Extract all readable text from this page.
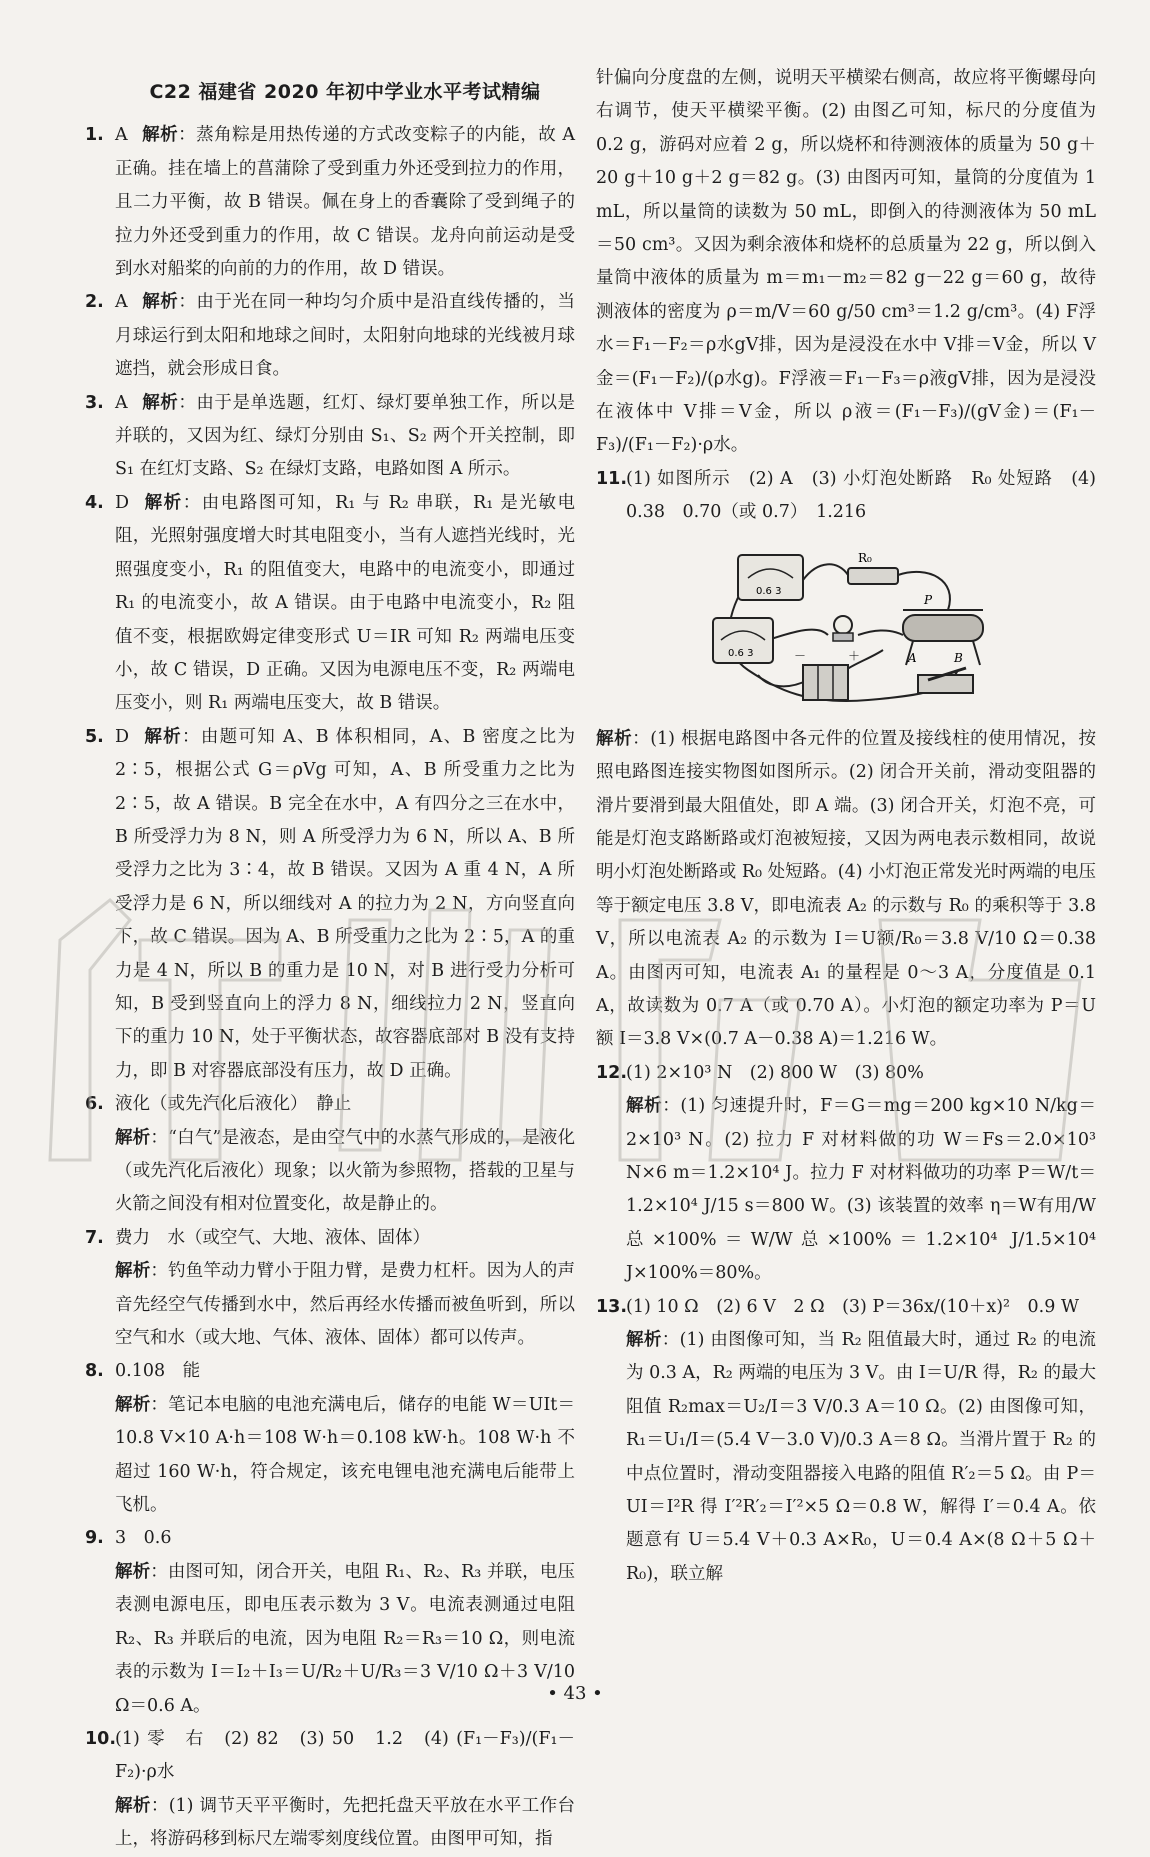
C22 福建省 2020 年初中学业水平考试精编
1. A 解析：蒸角粽是用热传递的方式改变粽子的内能，故 A 正确。挂在墙上的菖蒲除了受到重力外还受到拉力的作用，且二力平衡，故 B 错误。佩在身上的香囊除了受到绳子的拉力外还受到重力的作用，故 C 错误。龙舟向前运动是受到水对船桨的向前的力的作用，故 D 错误。

2. A 解析：由于光在同一种均匀介质中是沿直线传播的，当月球运行到太阳和地球之间时，太阳射向地球的光线被月球遮挡，就会形成日食。

3. A 解析：由于是单选题，红灯、绿灯要单独工作，所以是并联的，又因为红、绿灯分别由 S₁、S₂ 两个开关控制，即 S₁ 在红灯支路、S₂ 在绿灯支路，电路如图 A 所示。

4. D 解析：由电路图可知，R₁ 与 R₂ 串联，R₁ 是光敏电阻，光照射强度增大时其电阻变小，当有人遮挡光线时，光照强度变小，R₁ 的阻值变大，电路中的电流变小，即通过 R₁ 的电流变小，故 A 错误。由于电路中电流变小，R₂ 阻值不变，根据欧姆定律变形式 U＝IR 可知 R₂ 两端电压变小，故 C 错误，D 正确。又因为电源电压不变，R₂ 两端电压变小，则 R₁ 两端电压变大，故 B 错误。

5. D 解析：由题可知 A、B 体积相同，A、B 密度之比为 2∶5，根据公式 G＝ρVg 可知，A、B 所受重力之比为 2∶5，故 A 错误。B 完全在水中，A 有四分之三在水中，B 所受浮力为 8 N，则 A 所受浮力为 6 N，所以 A、B 所受浮力之比为 3∶4，故 B 错误。又因为 A 重 4 N，A 所受浮力是 6 N，所以细线对 A 的拉力为 2 N，方向竖直向下，故 C 错误。因为 A、B 所受重力之比为 2∶5，A 的重力是 4 N，所以 B 的重力是 10 N，对 B 进行受力分析可知，B 受到竖直向上的浮力 8 N，细线拉力 2 N，竖直向下的重力 10 N，处于平衡状态，故容器底部对 B 没有支持力，即 B 对容器底部没有压力，故 D 正确。

6. 液化（或先汽化后液化）　静止

解析：“白气”是液态，是由空气中的水蒸气形成的，是液化（或先汽化后液化）现象；以火箭为参照物，搭载的卫星与火箭之间没有相对位置变化，故是静止的。

7. 费力　水（或空气、大地、液体、固体）

解析：钓鱼竿动力臂小于阻力臂，是费力杠杆。因为人的声音先经空气传播到水中，然后再经水传播而被鱼听到，所以空气和水（或大地、气体、液体、固体）都可以传声。

8. 0.108　能

解析：笔记本电脑的电池充满电后，储存的电能 W＝UIt＝10.8 V×10 A·h＝108 W·h＝0.108 kW·h。108 W·h 不超过 160 W·h，符合规定，该充电锂电池充满电后能带上飞机。

9. 3　0.6

解析：由图可知，闭合开关，电阻 R₁、R₂、R₃ 并联，电压表测电源电压，即电压表示数为 3 V。电流表测通过电阻 R₂、R₃ 并联后的电流，因为电阻 R₂＝R₃＝10 Ω，则电流表的示数为 I＝I₂＋I₃＝U/R₂＋U/R₃＝3 V/10 Ω＋3 V/10 Ω＝0.6 A。

10.

(1) 零　右　(2) 82　(3) 50　1.2　(4) (F₁－F₃)/(F₁－F₂)·ρ水

解析：(1) 调节天平平衡时，先把托盘天平放在水平工作台上，将游码移到标尺左端零刻度线位置。由图甲可知，指

针偏向分度盘的左侧，说明天平横梁右侧高，故应将平衡螺母向右调节，使天平横梁平衡。(2) 由图乙可知，标尺的分度值为 0.2 g，游码对应着 2 g，所以烧杯和待测液体的质量为 50 g＋20 g＋10 g＋2 g＝82 g。(3) 由图丙可知，量筒的分度值为 1 mL，所以量筒的读数为 50 mL，即倒入的待测液体为 50 mL＝50 cm³。又因为剩余液体和烧杯的总质量为 22 g，所以倒入量筒中液体的质量为 m＝m₁－m₂＝82 g－22 g＝60 g，故待测液体的密度为 ρ＝m/V＝60 g/50 cm³＝1.2 g/cm³。(4) F浮水＝F₁－F₂＝ρ水gV排，因为是浸没在水中 V排＝V金，所以 V金＝(F₁－F₂)/(ρ水g)。F浮液＝F₁－F₃＝ρ液gV排，因为是浸没在液体中 V排＝V金，所以 ρ液＝(F₁－F₃)/(gV金)＝(F₁－F₃)/(F₁－F₂)·ρ水。

11.

(1) 如图所示　(2) A　(3) 小灯泡处断路　R₀ 处短路　(4) 0.38　0.70（或 0.7）　1.216

0.6 3
R₀
0.6 3
P
A	B
－	＋

解析：(1) 根据电路图中各元件的位置及接线柱的使用情况，按照电路图连接实物图如图所示。(2) 闭合开关前，滑动变阻器的滑片要滑到最大阻值处，即 A 端。(3) 闭合开关，灯泡不亮，可能是灯泡支路断路或灯泡被短接，又因为两电表示数相同，故说明小灯泡处断路或 R₀ 处短路。(4) 小灯泡正常发光时两端的电压等于额定电压 3.8 V，即电流表 A₂ 的示数与 R₀ 的乘积等于 3.8 V，所以电流表 A₂ 的示数为 I＝U额/R₀＝3.8 V/10 Ω＝0.38 A。由图丙可知，电流表 A₁ 的量程是 0～3 A，分度值是 0.1 A，故读数为 0.7 A（或 0.70 A）。小灯泡的额定功率为 P＝U额 I＝3.8 V×(0.7 A－0.38 A)＝1.216 W。

12.

(1) 2×10³ N　(2) 800 W　(3) 80%

解析：(1) 匀速提升时，F＝G＝mg＝200 kg×10 N/kg＝2×10³ N。(2) 拉力 F 对材料做的功 W＝Fs＝2.0×10³ N×6 m＝1.2×10⁴ J。拉力 F 对材料做功的功率 P＝W/t＝1.2×10⁴ J/15 s＝800 W。(3) 该装置的效率 η＝W有用/W总×100%＝W/W总×100%＝1.2×10⁴ J/1.5×10⁴ J×100%＝80%。

13.

(1) 10 Ω　(2) 6 V　2 Ω　(3) P＝36x/(10＋x)²　0.9 W

解析：(1) 由图像可知，当 R₂ 阻值最大时，通过 R₂ 的电流为 0.3 A，R₂ 两端的电压为 3 V。由 I＝U/R 得，R₂ 的最大阻值 R₂max＝U₂/I＝3 V/0.3 A＝10 Ω。(2) 由图像可知，R₁＝U₁/I＝(5.4 V－3.0 V)/0.3 A＝8 Ω。当滑片置于 R₂ 的中点位置时，滑动变阻器接入电路的阻值 R′₂＝5 Ω。由 P＝UI＝I²R 得 I′²R′₂＝I′²×5 Ω＝0.8 W，解得 I′＝0.4 A。依题意有 U＝5.4 V＋0.3 A×R₀，U＝0.4 A×(8 Ω＋5 Ω＋R₀)，联立解

• 43 •
